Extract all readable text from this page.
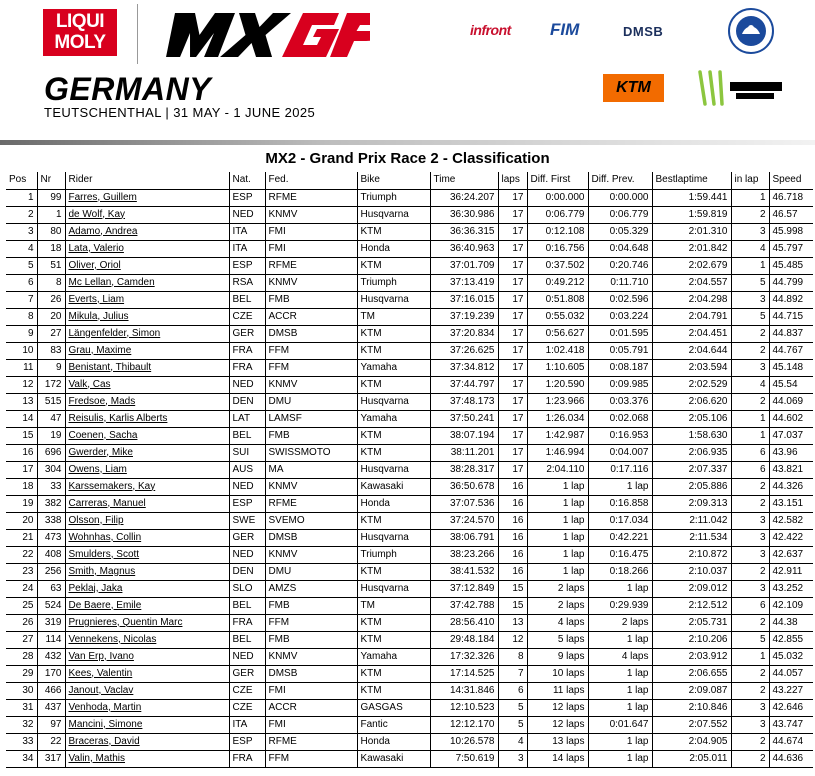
LIQUI
MOLY
GERMANY
TEUTSCHENTHAL | 31 MAY - 1 JUNE 2025
infront FIM	DMSB
KTM
MX2 - Grand Prix Race 2 - Classification
Pos	Nr	Rider	Nat.	Fed.	Bike	Time	laps	Diff. First	Diff. Prev.	Bestlaptime	in lap	Speed
1	99	Farres, Guillem	ESP	RFME	Triumph	36:24.207	17	0:00.000	0:00.000	1:59.441	1	46.718
2	1	de Wolf, Kay	NED	KNMV	Husqvarna	36:30.986	17	0:06.779	0:06.779	1:59.819	2	46.57
3	80	Adamo, Andrea	ITA	FMI	KTM	36:36.315	17	0:12.108	0:05.329	2:01.310	3	45.998
4	18	Lata, Valerio	ITA	FMI	Honda	36:40.963	17	0:16.756	0:04.648	2:01.842	4	45.797
5	51	Oliver, Oriol	ESP	RFME	KTM	37:01.709	17	0:37.502	0:20.746	2:02.679	1	45.485
6	8	Mc Lellan, Camden	RSA	KNMV	Triumph	37:13.419	17	0:49.212	0:11.710	2:04.557	5	44.799
7	26	Everts, Liam	BEL	FMB	Husqvarna	37:16.015	17	0:51.808	0:02.596	2:04.298	3	44.892
8	20	Mikula, Julius	CZE	ACCR	TM	37:19.239	17	0:55.032	0:03.224	2:04.791	5	44.715
9	27	Längenfelder, Simon	GER	DMSB	KTM	37:20.834	17	0:56.627	0:01.595	2:04.451	2	44.837
10	83	Grau, Maxime	FRA	FFM	KTM	37:26.625	17	1:02.418	0:05.791	2:04.644	2	44.767
11	9	Benistant, Thibault	FRA	FFM	Yamaha	37:34.812	17	1:10.605	0:08.187	2:03.594	3	45.148
12	172	Valk, Cas	NED	KNMV	KTM	37:44.797	17	1:20.590	0:09.985	2:02.529	4	45.54
13	515	Fredsoe, Mads	DEN	DMU	Husqvarna	37:48.173	17	1:23.966	0:03.376	2:06.620	2	44.069
14	47	Reisulis, Karlis Alberts	LAT	LAMSF	Yamaha	37:50.241	17	1:26.034	0:02.068	2:05.106	1	44.602
15	19	Coenen, Sacha	BEL	FMB	KTM	38:07.194	17	1:42.987	0:16.953	1:58.630	1	47.037
16	696	Gwerder, Mike	SUI	SWISSMOTO	KTM	38:11.201	17	1:46.994	0:04.007	2:06.935	6	43.96
17	304	Owens, Liam	AUS	MA	Husqvarna	38:28.317	17	2:04.110	0:17.116	2:07.337	6	43.821
18	33	Karssemakers, Kay	NED	KNMV	Kawasaki	36:50.678	16	1 lap	1 lap	2:05.886	2	44.326
19	382	Carreras, Manuel	ESP	RFME	Honda	37:07.536	16	1 lap	0:16.858	2:09.313	2	43.151
20	338	Olsson, Filip	SWE	SVEMO	KTM	37:24.570	16	1 lap	0:17.034	2:11.042	3	42.582
21	473	Wohnhas, Collin	GER	DMSB	Husqvarna	38:06.791	16	1 lap	0:42.221	2:11.534	3	42.422
22	408	Smulders, Scott	NED	KNMV	Triumph	38:23.266	16	1 lap	0:16.475	2:10.872	3	42.637
23	256	Smith, Magnus	DEN	DMU	KTM	38:41.532	16	1 lap	0:18.266	2:10.037	2	42.911
24	63	Peklaj, Jaka	SLO	AMZS	Husqvarna	37:12.849	15	2 laps	1 lap	2:09.012	3	43.252
25	524	De Baere, Emile	BEL	FMB	TM	37:42.788	15	2 laps	0:29.939	2:12.512	6	42.109
26	319	Prugnieres, Quentin Marc	FRA	FFM	KTM	28:56.410	13	4 laps	2 laps	2:05.731	2	44.38
27	114	Vennekens, Nicolas	BEL	FMB	KTM	29:48.184	12	5 laps	1 lap	2:10.206	5	42.855
28	432	Van Erp, Ivano	NED	KNMV	Yamaha	17:32.326	8	9 laps	4 laps	2:03.912	1	45.032
29	170	Kees, Valentin	GER	DMSB	KTM	17:14.525	7	10 laps	1 lap	2:06.655	2	44.057
30	466	Janout, Vaclav	CZE	FMI	KTM	14:31.846	6	11 laps	1 lap	2:09.087	2	43.227
31	437	Venhoda, Martin	CZE	ACCR	GASGAS	12:10.523	5	12 laps	1 lap	2:10.846	3	42.646
32	97	Mancini, Simone	ITA	FMI	Fantic	12:12.170	5	12 laps	0:01.647	2:07.552	3	43.747
33	22	Braceras, David	ESP	RFME	Honda	10:26.578	4	13 laps	1 lap	2:04.905	2	44.674
34	317	Valin, Mathis	FRA	FFM	Kawasaki	7:50.619	3	14 laps	1 lap	2:05.011	2	44.636
